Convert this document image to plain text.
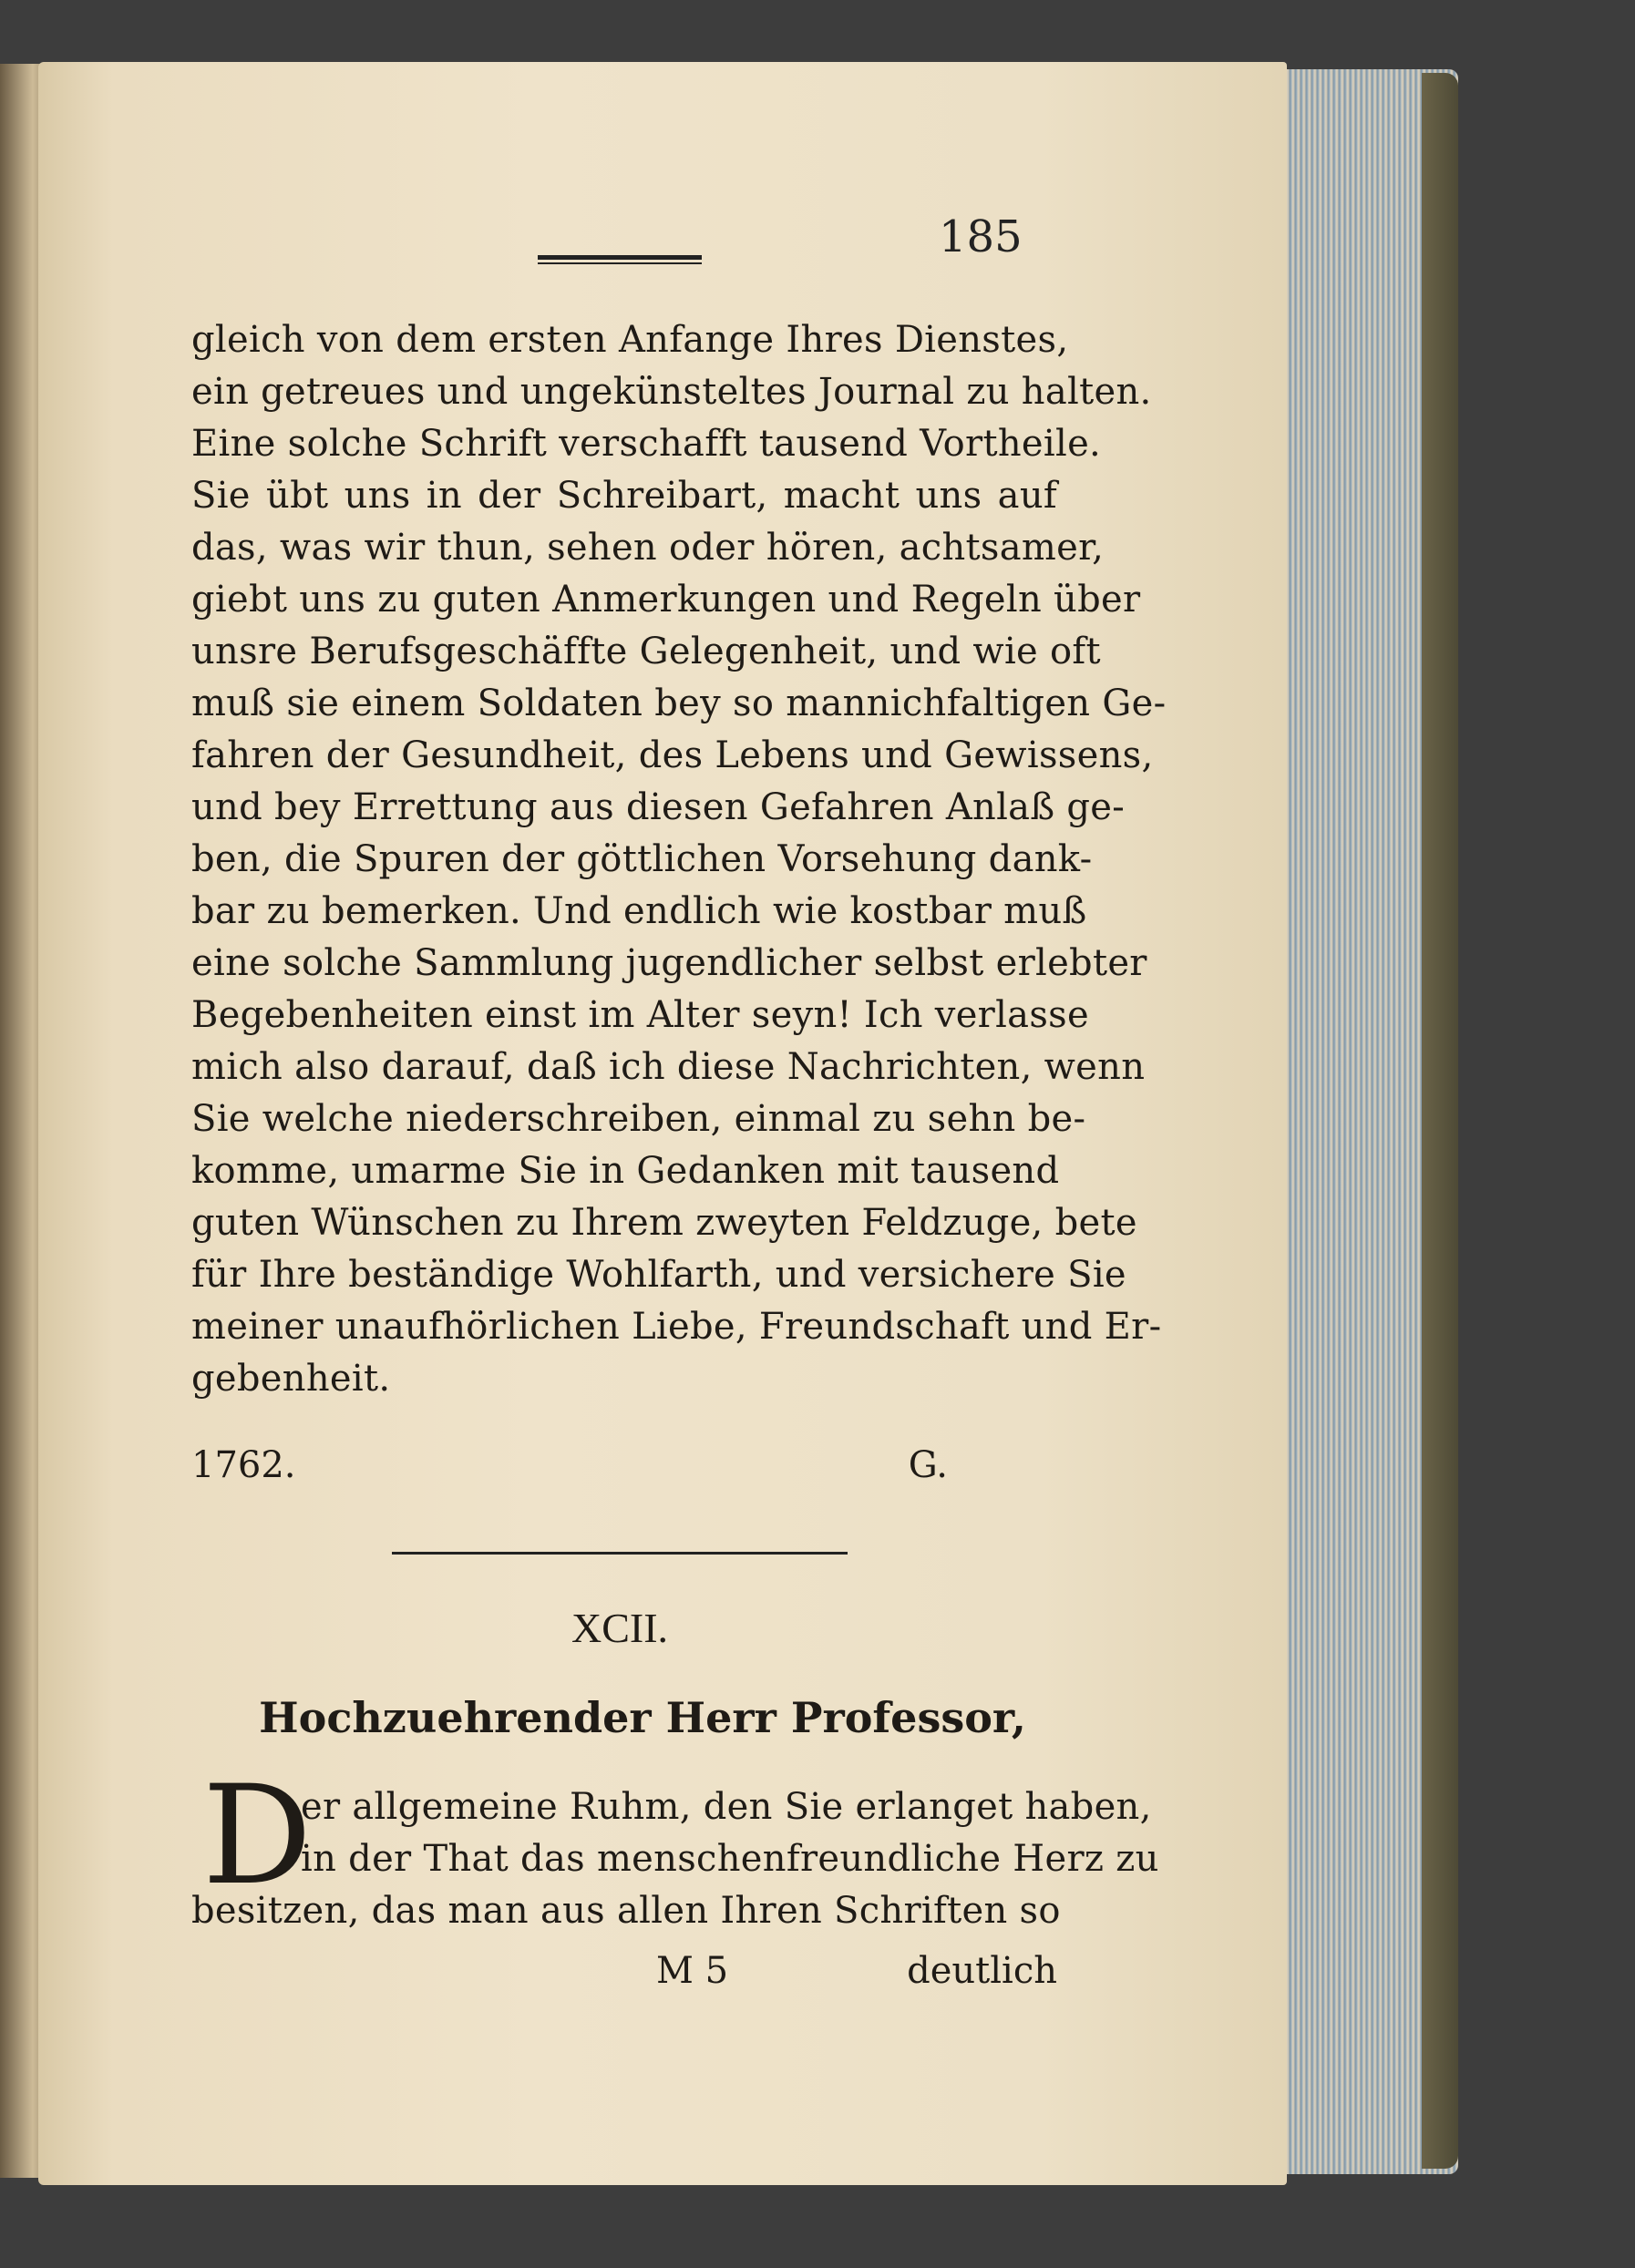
185
gleich von dem ersten Anfange Ihres Dienstes,
ein getreues und ungekünsteltes Journal zu halten.
Eine solche Schrift verschafft tausend Vortheile.
Sie übt uns in der Schreibart, macht uns auf
das, was wir thun, sehen oder hören, achtsamer,
giebt uns zu guten Anmerkungen und Regeln über
unsre Berufsgeschäffte Gelegenheit, und wie oft
muß sie einem Soldaten bey so mannichfaltigen Ge-
fahren der Gesundheit, des Lebens und Gewissens,
und bey Errettung aus diesen Gefahren Anlaß ge-
ben, die Spuren der göttlichen Vorsehung dank-
bar zu bemerken. Und endlich wie kostbar muß
eine solche Sammlung jugendlicher selbst erlebter
Begebenheiten einst im Alter seyn! Ich verlasse
mich also darauf, daß ich diese Nachrichten, wenn
Sie welche niederschreiben, einmal zu sehn be-
komme, umarme Sie in Gedanken mit tausend
guten Wünschen zu Ihrem zweyten Feldzuge, bete
für Ihre beständige Wohlfarth, und versichere Sie
meiner unaufhörlichen Liebe, Freundschaft und Er-
gebenheit.
1762.	G.
XCII.
Hochzuehrender Herr Professor,
D
er allgemeine Ruhm, den Sie erlanget haben,
in der That das menschenfreundliche Herz zu
besitzen, das man aus allen Ihren Schriften so
M 5	deutlich
